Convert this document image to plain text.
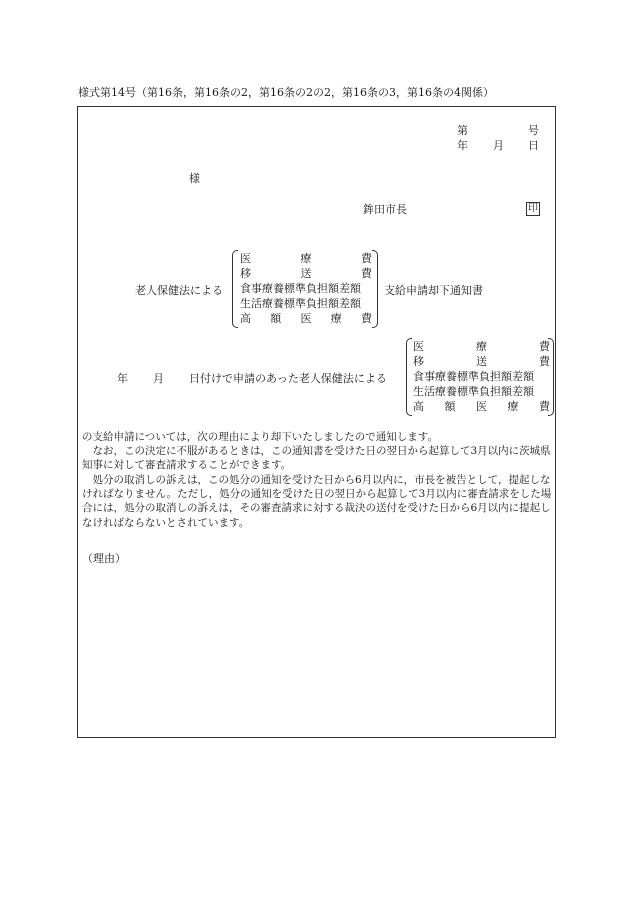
様式第14号（第16条，第16条の2，第16条の2の2，第16条の3，第16条の4関係）
第	号
年 月 日
様
鉾田市長	印
老人保健法による
医	療	費
移	送	費
食事療養標準負担額差額
生活療養標準負担額差額
高 額 医 療 費
支給申請却下通知書
年 月 日付けで申請のあった老人保健法による
医	療	費
移	送	費
食事療養標準負担額差額
生活療養標準負担額差額
高 額 医 療 費
の支給申請については，次の理由により却下いたしましたので通知します。
　なお，この決定に不服があるときは，この通知書を受けた日の翌日から起算して3月以内に茨城県知事に対して審査請求することができます。
　処分の取消しの訴えは，この処分の通知を受けた日から6月以内に，市長を被告として，提起しなければなりません。ただし，処分の通知を受けた日の翌日から起算して3月以内に審査請求をした場合には，処分の取消しの訴えは，その審査請求に対する裁決の送付を受けた日から6月以内に提起しなければならないとされています。
（理由）
